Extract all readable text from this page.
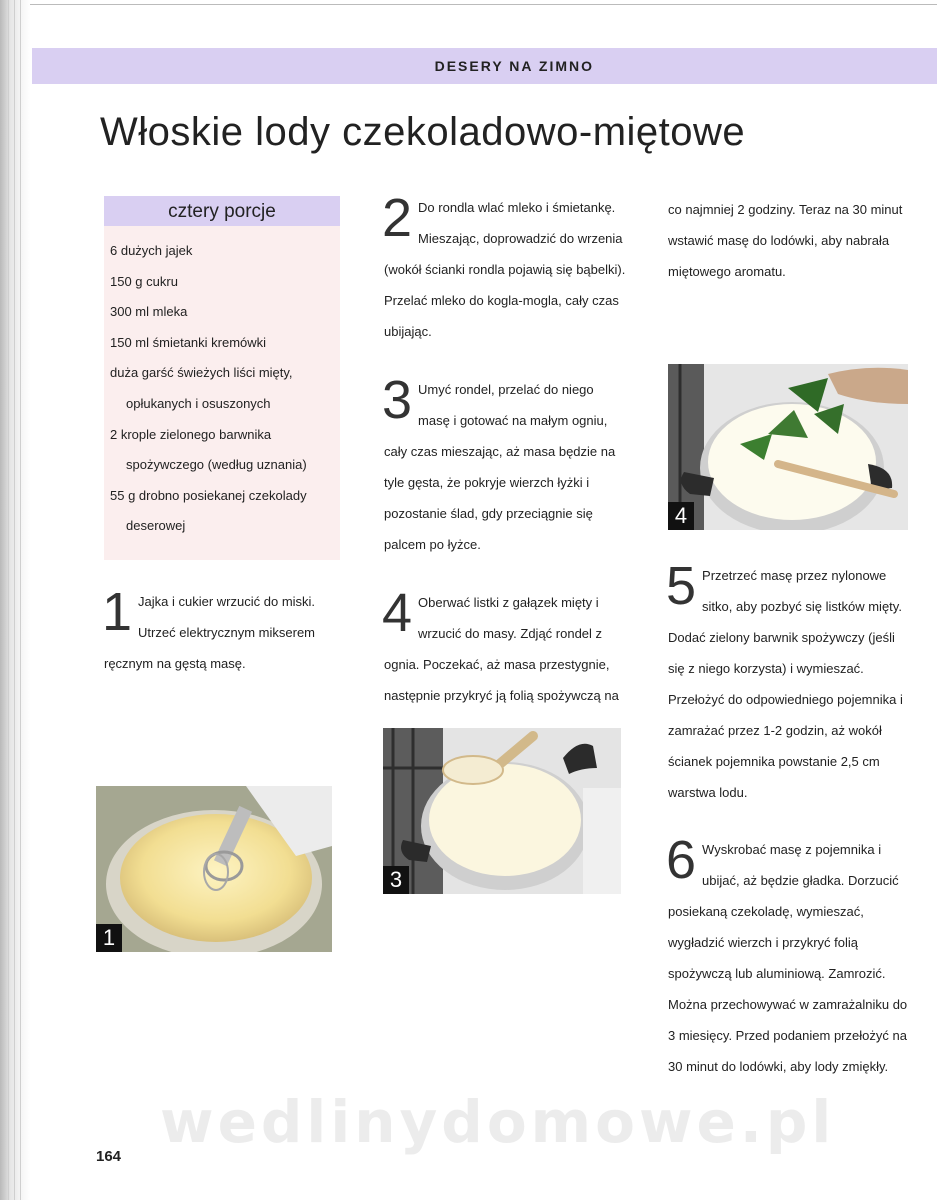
DESERY NA ZIMNO
Włoskie lody czekoladowo-miętowe
cztery porcje
6 dużych jajek
150 g cukru
300 ml mleka
150 ml śmietanki kremówki
duża garść świeżych liści mięty,
opłukanych i osuszonych
2 krople zielonego barwnika
spożywczego (według uznania)
55 g drobno posiekanej czekolady
deserowej
1 Jajka i cukier wrzucić do miski. Utrzeć elektrycznym mikserem ręcznym na gęstą masę.
1
2 Do rondla wlać mleko i śmietankę. Mieszając, doprowadzić do wrzenia (wokół ścianki rondla pojawią się bąbelki). Przelać mleko do kogla-mogla, cały czas ubijając.
3 Umyć rondel, przelać do niego masę i gotować na małym ogniu, cały czas mieszając, aż masa będzie na tyle gęsta, że pokryje wierzch łyżki i pozostanie ślad, gdy przeciągnie się palcem po łyżce.
4 Oberwać listki z gałązek mięty i wrzucić do masy. Zdjąć rondel z ognia. Poczekać, aż masa przestygnie, następnie przykryć ją folią spożywczą na
3
co najmniej 2 godziny. Teraz na 30 minut wstawić masę do lodówki, aby nabrała miętowego aromatu.
4
5 Przetrzeć masę przez nylonowe sitko, aby pozbyć się listków mięty. Dodać zielony barwnik spożywczy (jeśli się z niego korzysta) i wymieszać. Przełożyć do odpowiedniego pojemnika i zamrażać przez 1-2 godzin, aż wokół ścianek pojemnika powstanie 2,5 cm warstwa lodu.
6 Wyskrobać masę z pojemnika i ubijać, aż będzie gładka. Dorzucić posiekaną czekoladę, wymieszać, wygładzić wierzch i przykryć folią spożywczą lub aluminiową. Zamrozić. Można przechowywać w zamrażalniku do 3 miesięcy. Przed podaniem przełożyć na 30 minut do lodówki, aby lody zmiękły.
wedlinydomowe.pl
164
